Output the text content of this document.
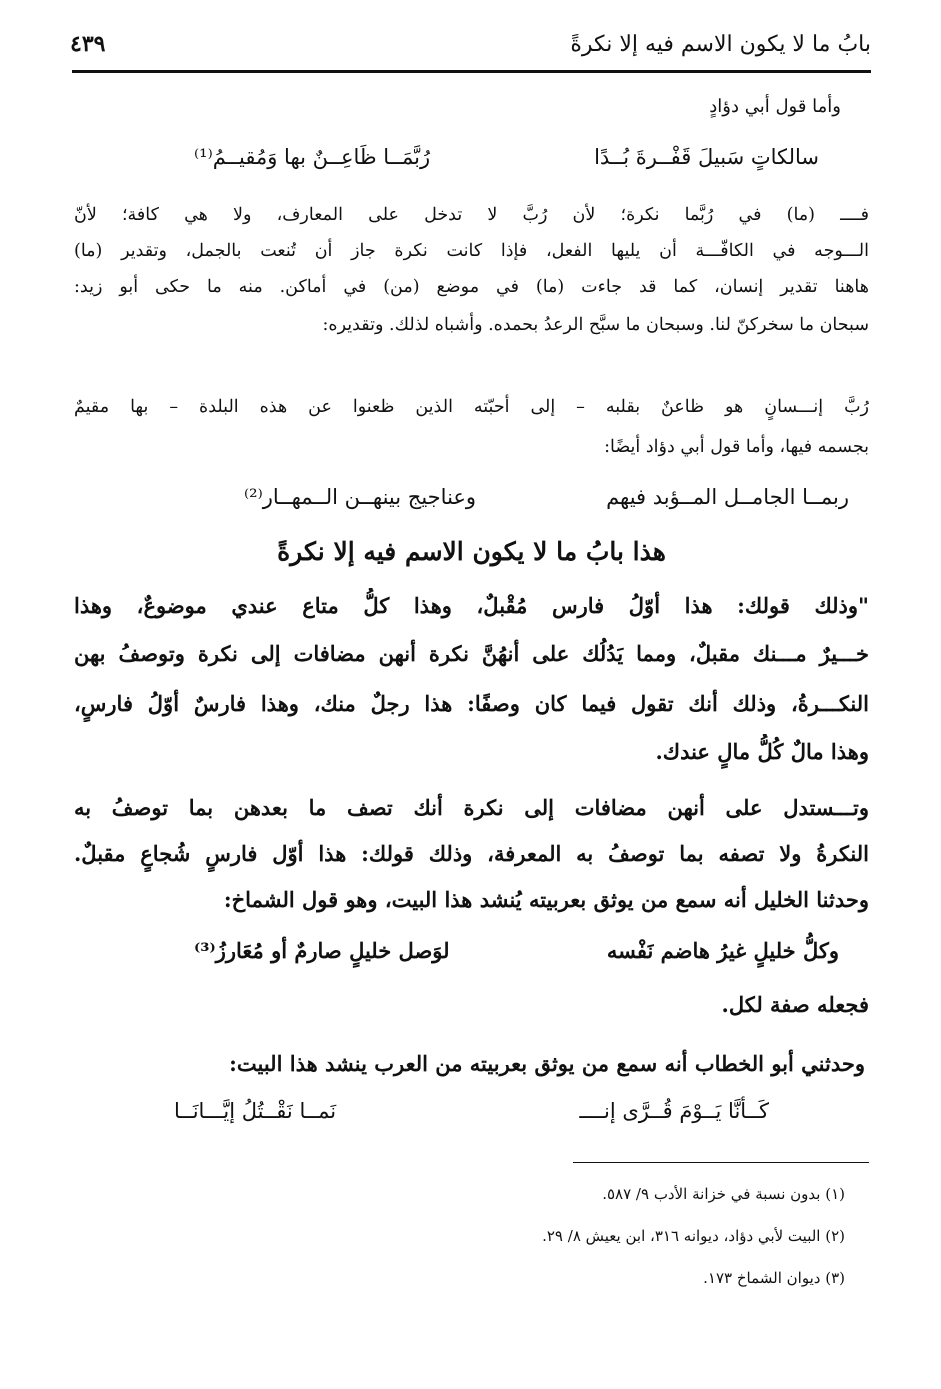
٤٣٩	بابُ ما لا يكون الاسم فيه إلا نكرةً
وأما قول أبي دؤادٍ
سالكاتٍ سَبيلَ قَفْــرةَ بُــدًا
رُبَّمَــا ظَاعِــنٌ بها وَمُقيــمُ⁽¹⁾
فــــ (ما) في رُبَّما نكرة؛ لأن رُبَّ لا تدخل على المعارف، ولا هي كافة؛ لأنّ
الـــوجه في الكافّـــة أن يليها الفعل، فإذا كانت نكرة جاز أن تُنعت بالجمل، وتقدير (ما)
هاهنا تقدير إنسان، كما قد جاءت (ما) في موضع (من) في أماكن. منه ما حكى أبو زيد:
سبحان ما سخركنّ لنا. وسبحان ما سبَّح الرعدُ بحمده. وأشباه لذلك. وتقديره:
رُبَّ إنـــسانٍ هو ظاعنٌ بقلبه – إلى أحبّته الذين ظعنوا عن هذه البلدة – بها مقيمٌ
بجسمه فيها، وأما قول أبي دؤاد أيضًا:
ربمــا الجامــل المــؤبد فيهم
وعناجيج بينهــن الــمهــار⁽²⁾
هذا بابُ ما لا يكون الاسم فيه إلا نكرةً
"وذلك قولك: هذا أوّلُ فارس مُقْبلٌ، وهذا كلُّ متاع عندي موضوعٌ، وهذا
خـــيرٌ مـــنك مقبلٌ، ومما يَدُلُك على أنهُنَّ نكرة أنهن مضافات إلى نكرة وتوصفُ بهن
النكـــرةُ، وذلك أنك تقول فيما كان وصفًا: هذا رجلٌ منك، وهذا فارسٌ أوّلُ فارسٍ،
وهذا مالٌ كُلُّ مالٍ عندك.
وتـــستدل على أنهن مضافات إلى نكرة أنك تصف ما بعدهن بما توصفُ به
النكرةُ ولا تصفه بما توصفُ به المعرفة، وذلك قولك: هذا أوّل فارسٍ شُجاعٍ مقبلٌ.
وحدثنا الخليل أنه سمع من يوثق بعربيته يُنشد هذا البيت، وهو قول الشماخ:
وكلُّ خليلٍ غيرُ هاضم نَفْسه
لوَصل خليلٍ صارمٌ أو مُعَارزُ⁽³⁾
فجعله صفة لكل.
وحدثني أبو الخطاب أنه سمع من يوثق بعربيته من العرب ينشد هذا البيت:
كَــأنَّا يَــوْمَ قُــرَّى إنــــ
نَمــا نَقْــتُلُ إيَّـــانَــا
(١) بدون نسبة في خزانة الأدب ٩/ ٥٨٧.
(٢) البيت لأبي دؤاد، ديوانه ٣١٦، ابن يعيش ٨/ ٢٩.
(٣) ديوان الشماخ ١٧٣.
